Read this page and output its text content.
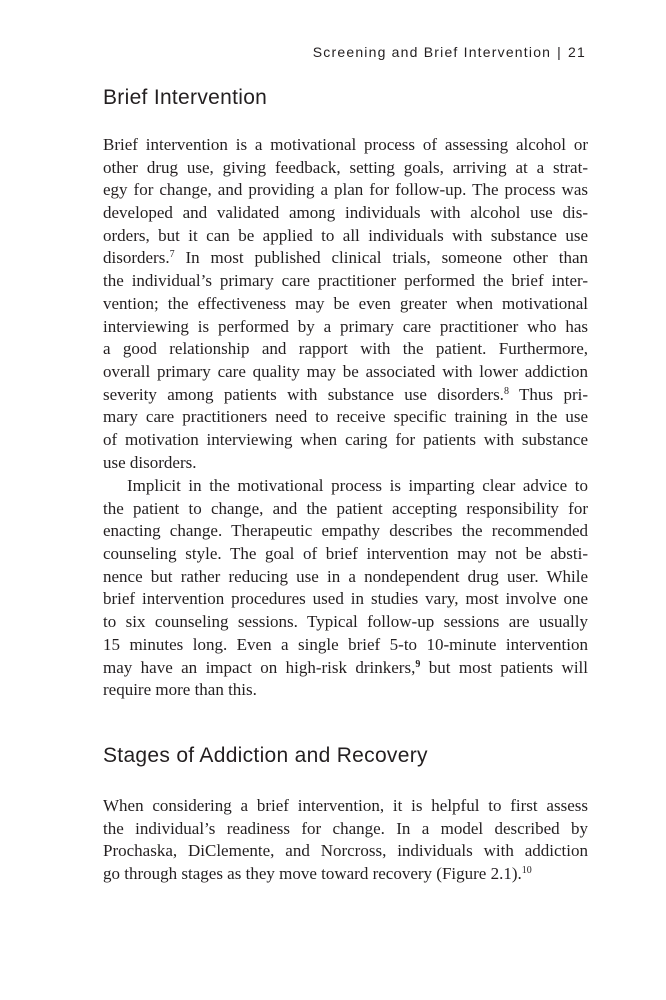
Screening and Brief Intervention | 21
Brief Intervention
Brief intervention is a motivational process of assessing alcohol or
other drug use, giving feedback, setting goals, arriving at a strat-
egy for change, and providing a plan for follow-up. The process was
developed and validated among individuals with alcohol use dis-
orders, but it can be applied to all individuals with substance use
disorders.$^7$ In most published clinical trials, someone other than
the individual’s primary care practitioner performed the brief inter-
vention; the effectiveness may be even greater when motivational
interviewing is performed by a primary care practitioner who has
a good relationship and rapport with the patient. Furthermore,
overall primary care quality may be associated with lower addiction
severity among patients with substance use disorders.$^8$ Thus pri-
mary care practitioners need to receive specific training in the use
of motivation interviewing when caring for patients with substance
use disorders.
Implicit in the motivational process is imparting clear advice to
the patient to change, and the patient accepting responsibility for
enacting change. Therapeutic empathy describes the recommended
counseling style. The goal of brief intervention may not be absti-
nence but rather reducing use in a nondependent drug user. While
brief intervention procedures used in studies vary, most involve one
to six counseling sessions. Typical follow-up sessions are usually
15 minutes long. Even a single brief 5-to 10-minute intervention
may have an impact on high-risk drinkers,$^9$ but most patients will
require more than this.
Stages of Addiction and Recovery
When considering a brief intervention, it is helpful to first assess
the individual’s readiness for change. In a model described by
Prochaska, DiClemente, and Norcross, individuals with addiction
go through stages as they move toward recovery (Figure 2.1).$^{10}$
